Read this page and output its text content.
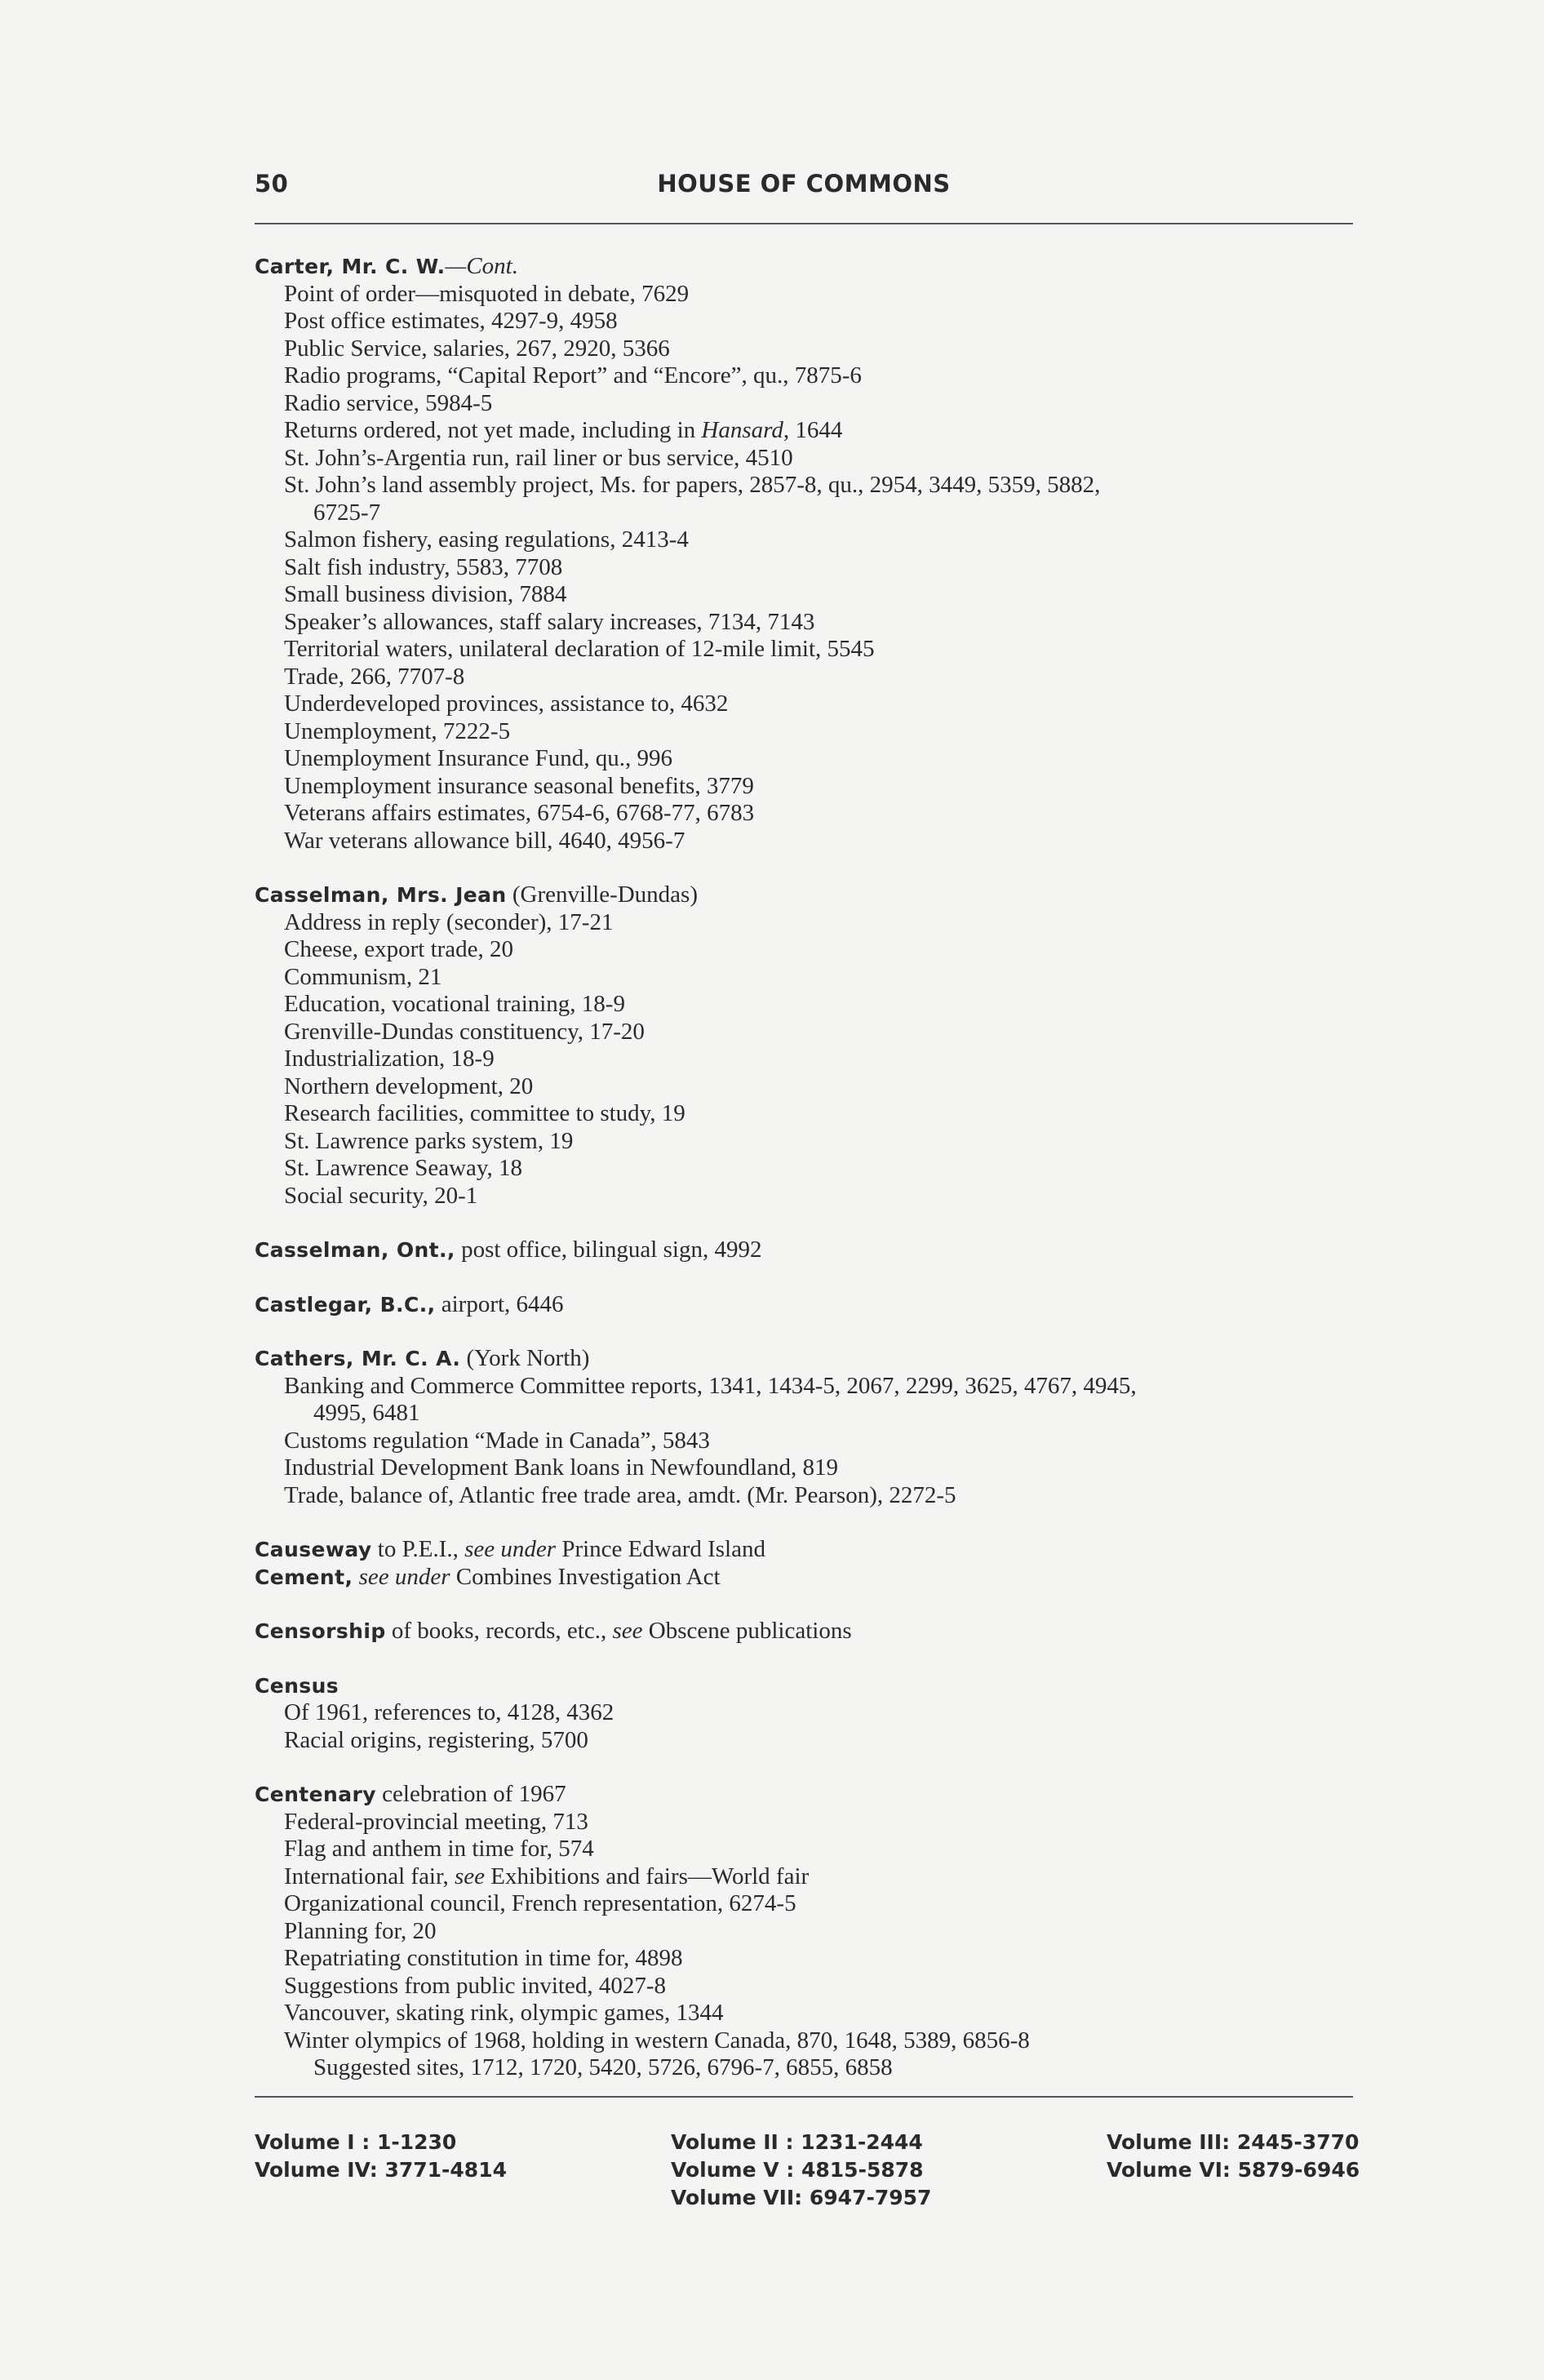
50	HOUSE OF COMMONS
Carter, Mr. C. W.—Cont.
Point of order—misquoted in debate, 7629
Post office estimates, 4297-9, 4958
Public Service, salaries, 267, 2920, 5366
Radio programs, “Capital Report” and “Encore”, qu., 7875-6
Radio service, 5984-5
Returns ordered, not yet made, including in Hansard, 1644
St. John’s-Argentia run, rail liner or bus service, 4510
St. John’s land assembly project, Ms. for papers, 2857-8, qu., 2954, 3449, 5359, 5882,
6725-7
Salmon fishery, easing regulations, 2413-4
Salt fish industry, 5583, 7708
Small business division, 7884
Speaker’s allowances, staff salary increases, 7134, 7143
Territorial waters, unilateral declaration of 12-mile limit, 5545
Trade, 266, 7707-8
Underdeveloped provinces, assistance to, 4632
Unemployment, 7222-5
Unemployment Insurance Fund, qu., 996
Unemployment insurance seasonal benefits, 3779
Veterans affairs estimates, 6754-6, 6768-77, 6783
War veterans allowance bill, 4640, 4956-7
Casselman, Mrs. Jean (Grenville-Dundas)
Address in reply (seconder), 17-21
Cheese, export trade, 20
Communism, 21
Education, vocational training, 18-9
Grenville-Dundas constituency, 17-20
Industrialization, 18-9
Northern development, 20
Research facilities, committee to study, 19
St. Lawrence parks system, 19
St. Lawrence Seaway, 18
Social security, 20-1
Casselman, Ont., post office, bilingual sign, 4992
Castlegar, B.C., airport, 6446
Cathers, Mr. C. A. (York North)
Banking and Commerce Committee reports, 1341, 1434-5, 2067, 2299, 3625, 4767, 4945,
4995, 6481
Customs regulation “Made in Canada”, 5843
Industrial Development Bank loans in Newfoundland, 819
Trade, balance of, Atlantic free trade area, amdt. (Mr. Pearson), 2272-5
Causeway to P.E.I., see under Prince Edward Island
Cement, see under Combines Investigation Act
Censorship of books, records, etc., see Obscene publications
Census
Of 1961, references to, 4128, 4362
Racial origins, registering, 5700
Centenary celebration of 1967
Federal-provincial meeting, 713
Flag and anthem in time for, 574
International fair, see Exhibitions and fairs—World fair
Organizational council, French representation, 6274-5
Planning for, 20
Repatriating constitution in time for, 4898
Suggestions from public invited, 4027-8
Vancouver, skating rink, olympic games, 1344
Winter olympics of 1968, holding in western Canada, 870, 1648, 5389, 6856-8
Suggested sites, 1712, 1720, 5420, 5726, 6796-7, 6855, 6858
Volume I : 1-1230
Volume IV: 3771-4814
Volume II : 1231-2444
Volume V : 4815-5878
Volume VII: 6947-7957
Volume III: 2445-3770
Volume VI: 5879-6946
